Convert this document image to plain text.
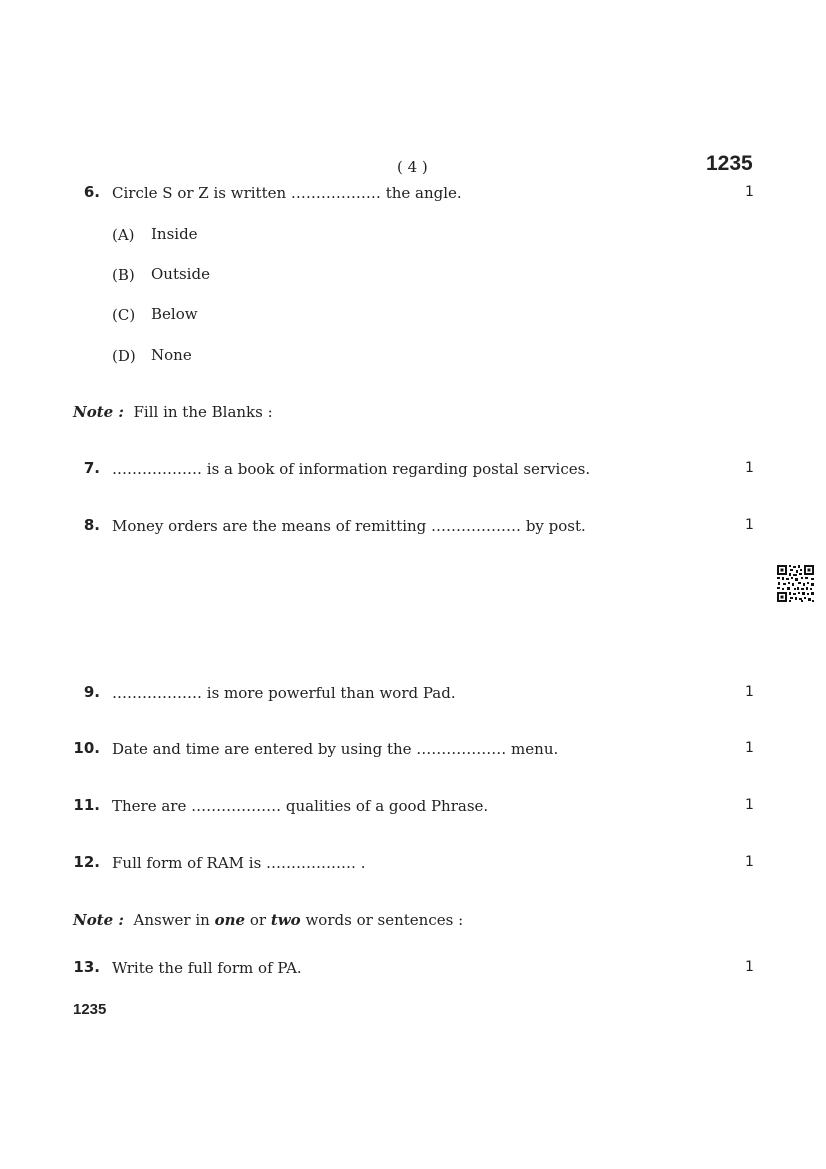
( 4 )	1235
6. Circle S or Z is written ……………… the angle.	1
(A) Inside
(B) Outside
(C) Below
(D) None
Note : Fill in the Blanks :
7. ……………… is a book of information regarding postal services.	1
8. Money orders are the means of remitting ……………… by post.	1
9. ……………… is more powerful than word Pad.	1
10. Date and time are entered by using the ……………… menu.	1
11. There are ……………… qualities of a good Phrase.	1
12. Full form of RAM is ……………… .	1
Note : Answer in one or two words or sentences :
13. Write the full form of PA.	1
1235
